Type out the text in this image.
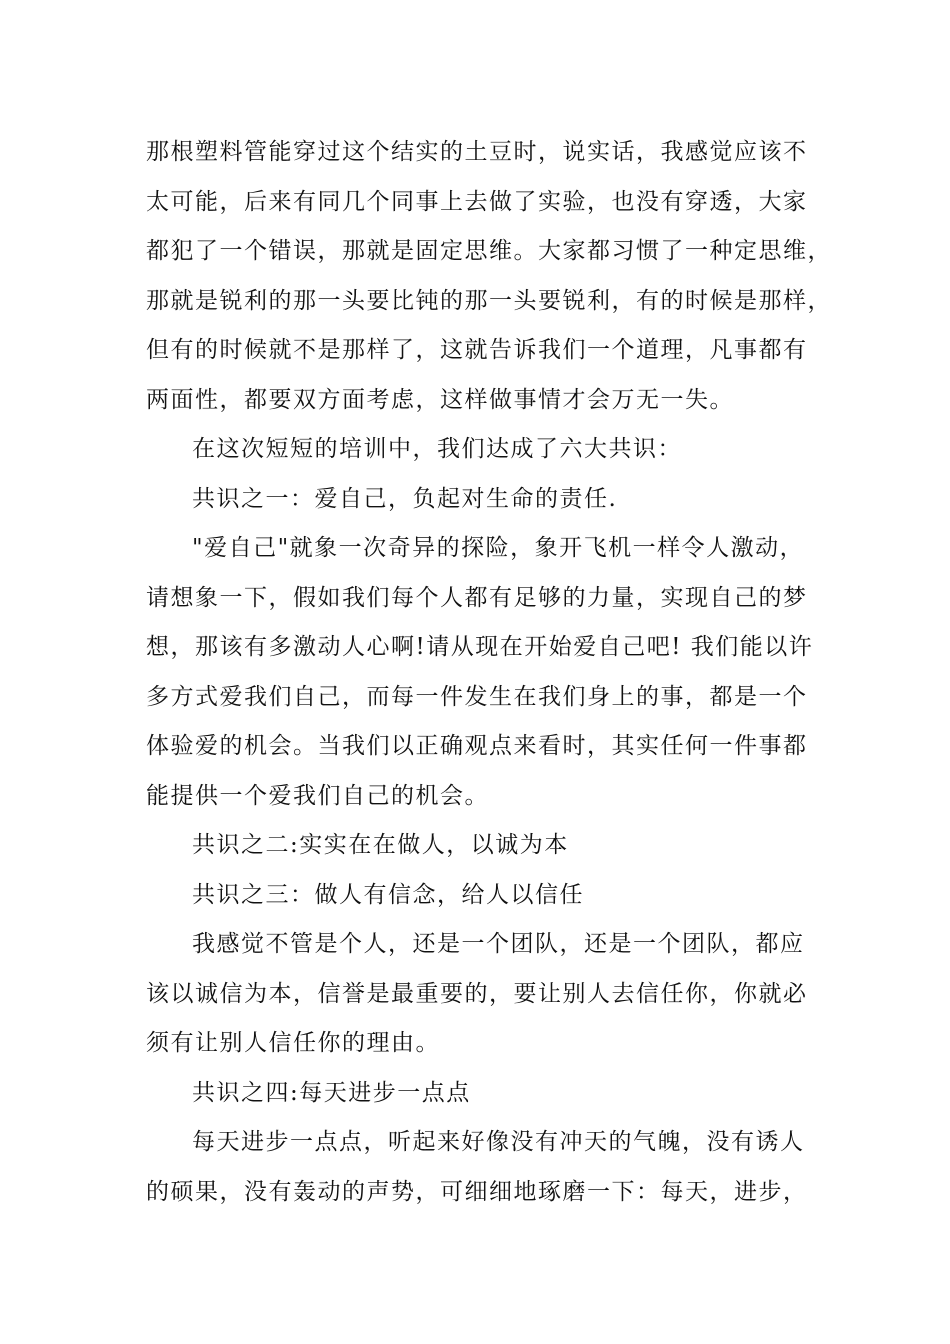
那根塑料管能穿过这个结实的土豆时，说实话，我感觉应该不
太可能，后来有同几个同事上去做了实验，也没有穿透，大家
都犯了一个错误，那就是固定思维。大家都习惯了一种定思维，
那就是锐利的那一头要比钝的那一头要锐利，有的时候是那样，
但有的时候就不是那样了，这就告诉我们一个道理，凡事都有
两面性，都要双方面考虑，这样做事情才会万无一失。
在这次短短的培训中，我们达成了六大共识：
共识之一：爱自己，负起对生命的责任.
"爱自己"就象一次奇异的探险，象开飞机一样令人激动，
请想象一下，假如我们每个人都有足够的力量，实现自己的梦
想，那该有多激动人心啊!请从现在开始爱自己吧! 我们能以许
多方式爱我们自己，而每一件发生在我们身上的事，都是一个
体验爱的机会。当我们以正确观点来看时，其实任何一件事都
能提供一个爱我们自己的机会。
共识之二:实实在在做人，以诚为本
共识之三：做人有信念，给人以信任
我感觉不管是个人，还是一个团队，还是一个团队，都应
该以诚信为本，信誉是最重要的，要让别人去信任你，你就必
须有让别人信任你的理由。
共识之四:每天进步一点点
每天进步一点点，听起来好像没有冲天的气魄，没有诱人
的硕果，没有轰动的声势，可细细地琢磨一下：每天，进步，
